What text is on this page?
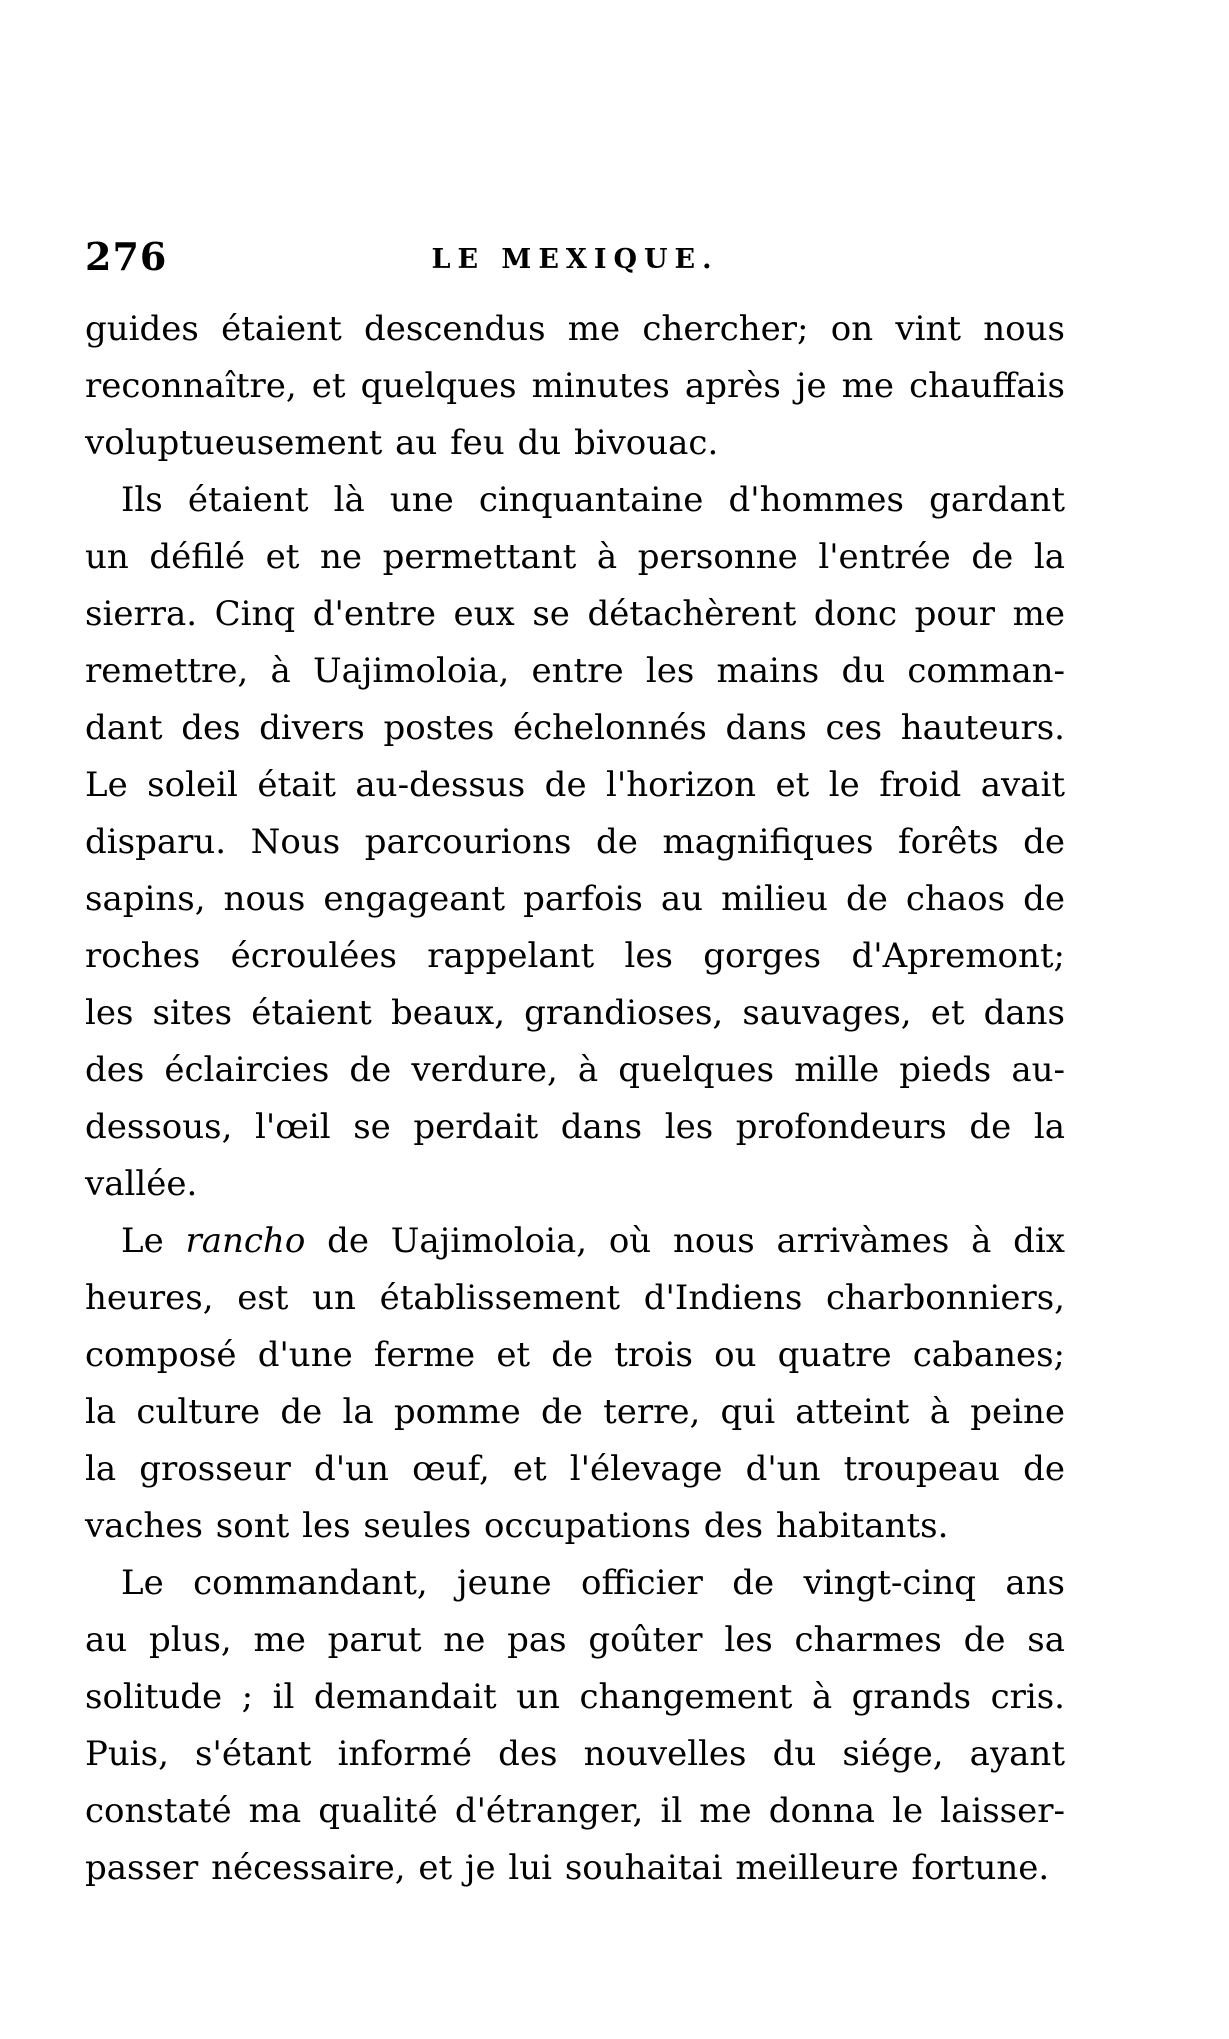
276	LE MEXIQUE.

guides étaient descendus me chercher; on vint nous
reconnaître, et quelques minutes après je me chauffais
voluptueusement au feu du bivouac.

Ils étaient là une cinquantaine d'hommes gardant
un défilé et ne permettant à personne l'entrée de la
sierra. Cinq d'entre eux se détachèrent donc pour me
remettre, à Uajimoloia, entre les mains du comman-
dant des divers postes échelonnés dans ces hauteurs.
Le soleil était au-dessus de l'horizon et le froid avait
disparu. Nous parcourions de magnifiques forêts de
sapins, nous engageant parfois au milieu de chaos de
roches écroulées rappelant les gorges d'Apremont;
les sites étaient beaux, grandioses, sauvages, et dans
des éclaircies de verdure, à quelques mille pieds au-
dessous, l'œil se perdait dans les profondeurs de la
vallée.

Le rancho de Uajimoloia, où nous arrivàmes à dix
heures, est un établissement d'Indiens charbonniers,
composé d'une ferme et de trois ou quatre cabanes;
la culture de la pomme de terre, qui atteint à peine
la grosseur d'un œuf, et l'élevage d'un troupeau de
vaches sont les seules occupations des habitants.

Le commandant, jeune officier de vingt-cinq ans
au plus, me parut ne pas goûter les charmes de sa
solitude ; il demandait un changement à grands cris.
Puis, s'étant informé des nouvelles du siége, ayant
constaté ma qualité d'étranger, il me donna le laisser-
passer nécessaire, et je lui souhaitai meilleure fortune.
